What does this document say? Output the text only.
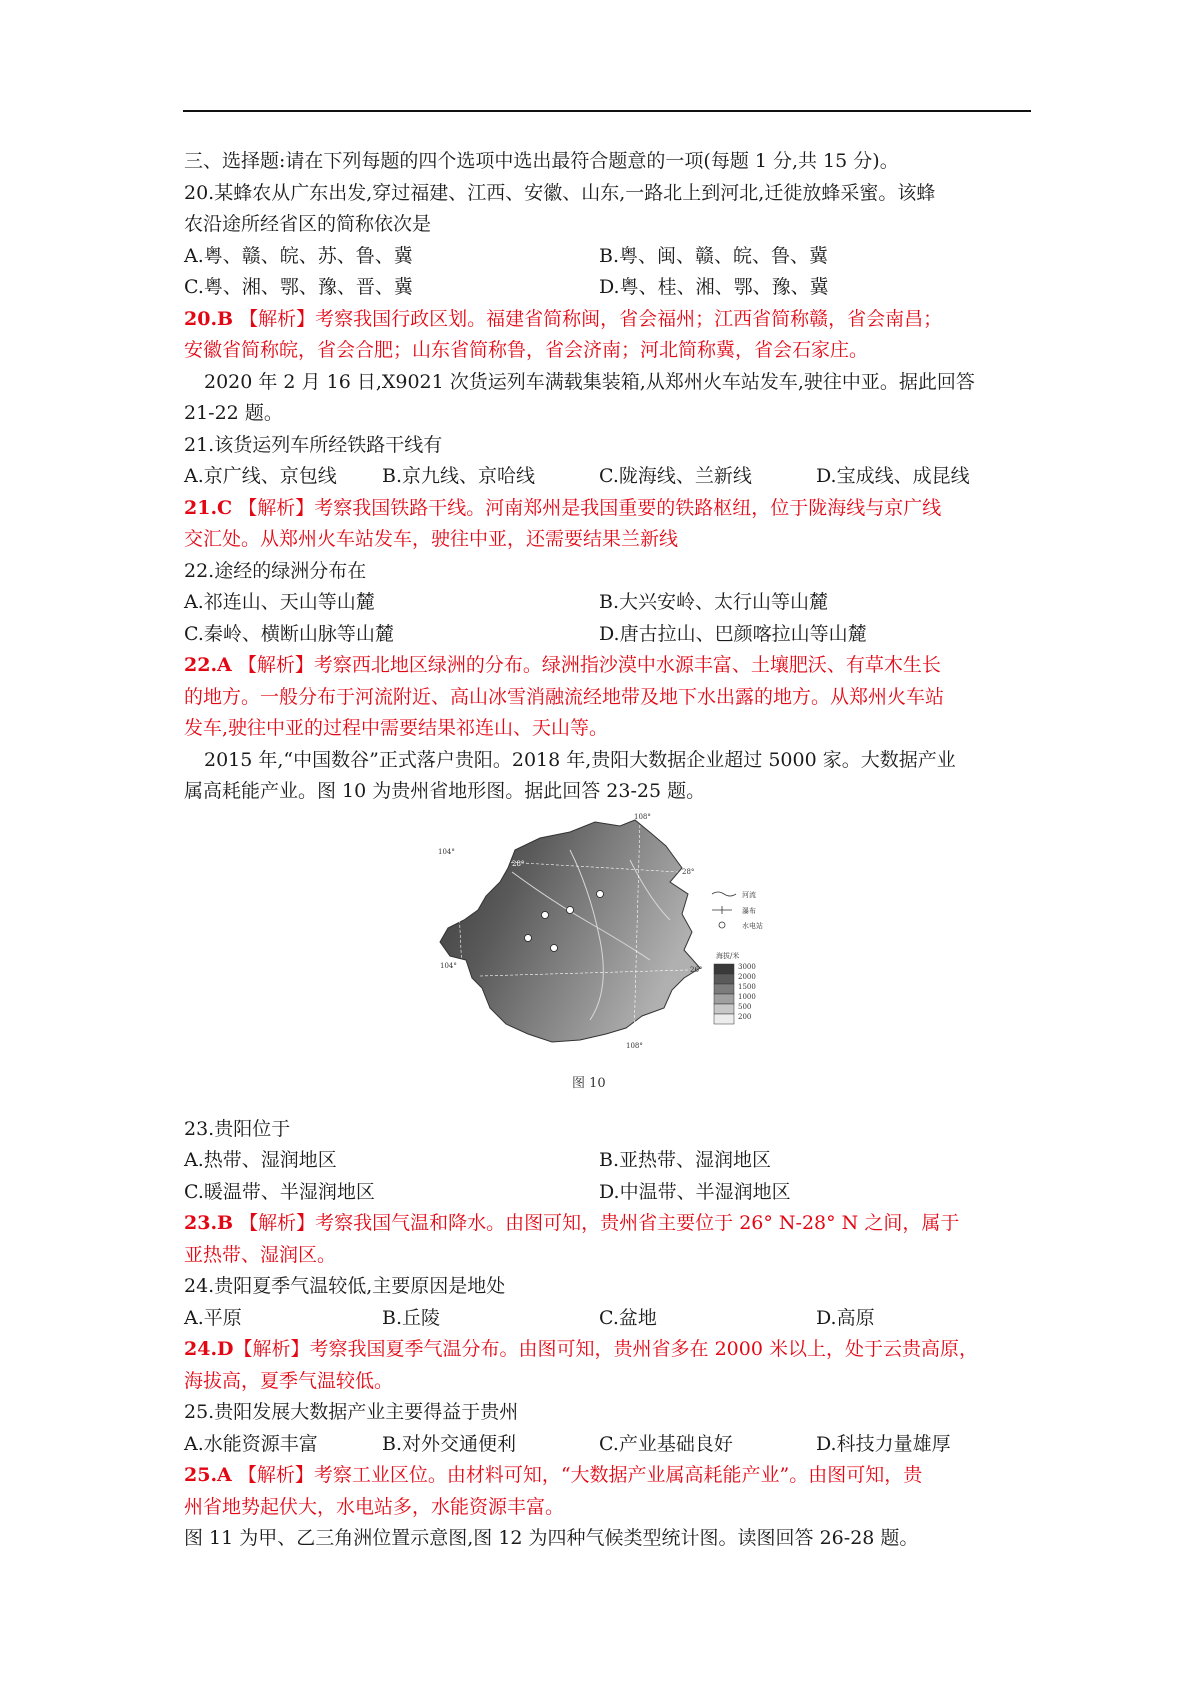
三、选择题:请在下列每题的四个选项中选出最符合题意的一项(每题 1 分,共 15 分)。
20.某蜂农从广东出发,穿过福建、江西、安徽、山东,一路北上到河北,迁徙放蜂采蜜。该蜂
农沿途所经省区的简称依次是
A.粤、赣、皖、苏、鲁、冀	B.粤、闽、赣、皖、鲁、冀
C.粤、湘、鄂、豫、晋、冀	D.粤、桂、湘、鄂、豫、冀
20.B 【解析】考察我国行政区划。福建省简称闽，省会福州；江西省简称赣，省会南昌；
安徽省简称皖，省会合肥；山东省简称鲁，省会济南；河北简称冀，省会石家庄。
2020 年 2 月 16 日,X9021 次货运列车满载集装箱,从郑州火车站发车,驶往中亚。据此回答
21-22 题。
21.该货运列车所经铁路干线有
A.京广线、京包线	B.京九线、京哈线	C.陇海线、兰新线	D.宝成线、成昆线
21.C 【解析】考察我国铁路干线。河南郑州是我国重要的铁路枢纽，位于陇海线与京广线
交汇处。从郑州火车站发车，驶往中亚，还需要结果兰新线
22.途经的绿洲分布在
A.祁连山、天山等山麓	B.大兴安岭、太行山等山麓
C.秦岭、横断山脉等山麓	D.唐古拉山、巴颜喀拉山等山麓
22.A 【解析】考察西北地区绿洲的分布。绿洲指沙漠中水源丰富、土壤肥沃、有草木生长
的地方。一般分布于河流附近、高山冰雪消融流经地带及地下水出露的地方。从郑州火车站
发车,驶往中亚的过程中需要结果祁连山、天山等。
2015 年,“中国数谷”正式落户贵阳。2018 年,贵阳大数据企业超过 5000 家。大数据产业
属高耗能产业。图 10 为贵州省地形图。据此回答 23-25 题。
108°
108°
104°
104°
28°
28°
26°
河流
瀑布
水电站
海拔/米
3000
2000
1500
1000
500
200
图 10
23.贵阳位于
A.热带、湿润地区	B.亚热带、湿润地区
C.暖温带、半湿润地区	D.中温带、半湿润地区
23.B 【解析】考察我国气温和降水。由图可知，贵州省主要位于 26° N-28° N 之间，属于
亚热带、湿润区。
24.贵阳夏季气温较低,主要原因是地处
A.平原	B.丘陵	C.盆地	D.高原
24.D【解析】考察我国夏季气温分布。由图可知，贵州省多在 2000 米以上，处于云贵高原，
海拔高，夏季气温较低。
25.贵阳发展大数据产业主要得益于贵州
A.水能资源丰富	B.对外交通便利	C.产业基础良好	D.科技力量雄厚
25.A 【解析】考察工业区位。由材料可知，“大数据产业属高耗能产业”。由图可知，贵
州省地势起伏大，水电站多，水能资源丰富。
图 11 为甲、乙三角洲位置示意图,图 12 为四种气候类型统计图。读图回答 26-28 题。
